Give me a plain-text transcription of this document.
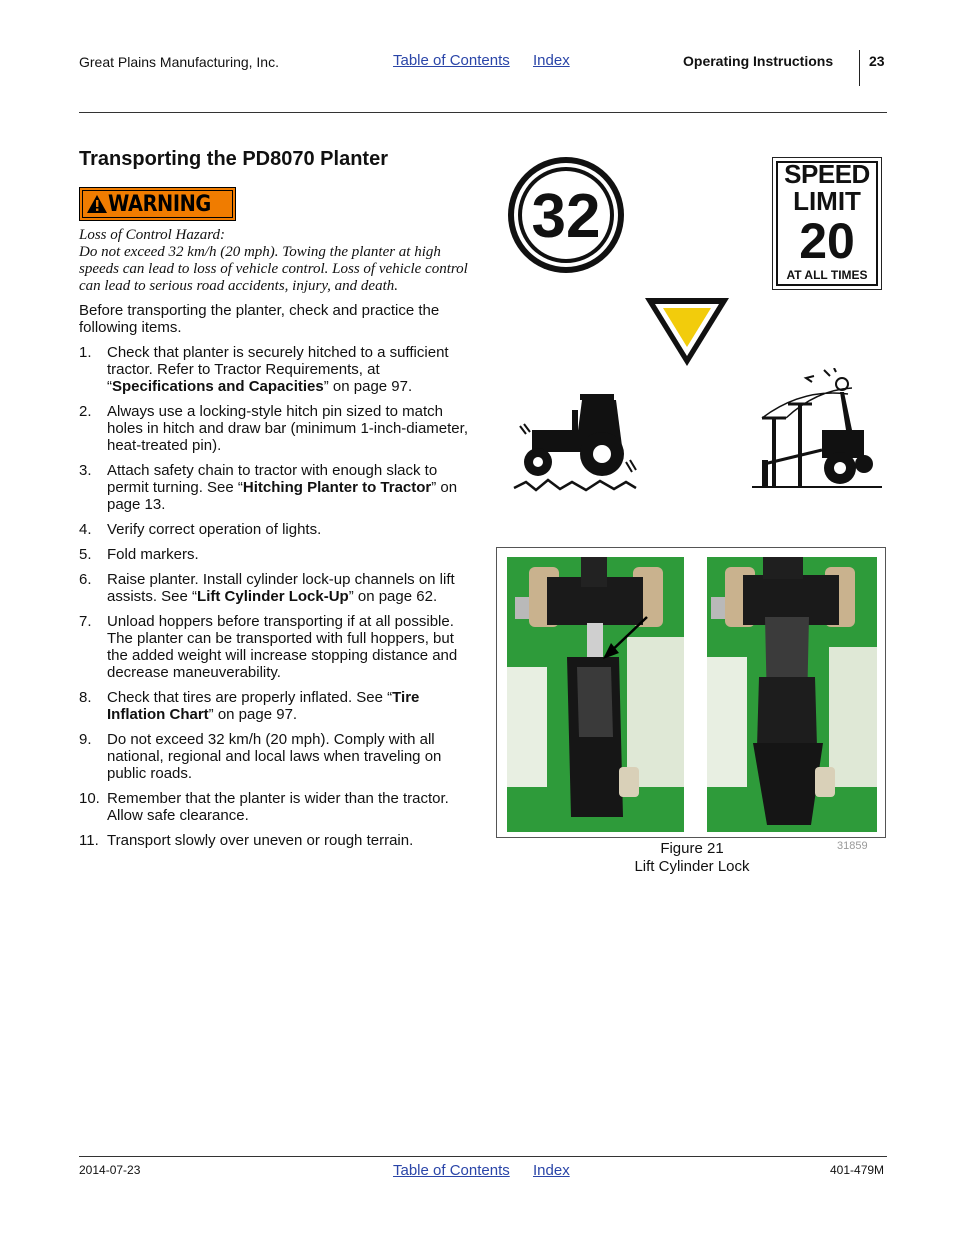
Great Plains Manufacturing, Inc.	Table of Contents Index	Operating Instructions	23
Transporting the PD8070 Planter
WARNING
Loss of Control Hazard:
Do not exceed 32 km/h (20 mph). Towing the planter at high speeds can lead to loss of vehicle control. Loss of vehicle control can lead to serious road accidents, injury, and death.
Before transporting the planter, check and practice the following items.
1. Check that planter is securely hitched to a sufficient tractor. Refer to Tractor Requirements, at “Specifications and Capacities” on page 97.
2. Always use a locking-style hitch pin sized to match holes in hitch and draw bar (minimum 1-inch-diameter, heat-treated pin).
3. Attach safety chain to tractor with enough slack to permit turning. See “Hitching Planter to Tractor” on page 13.
4. Verify correct operation of lights.
5. Fold markers.
6. Raise planter. Install cylinder lock-up channels on lift assists. See “Lift Cylinder Lock-Up” on page 62.
7. Unload hoppers before transporting if at all possible. The planter can be transported with full hoppers, but the added weight will increase stopping distance and decrease maneuverability.
8. Check that tires are properly inflated. See “Tire Inflation Chart” on page 97.
9. Do not exceed 32 km/h (20 mph). Comply with all national, regional and local laws when traveling on public roads.
10. Remember that the planter is wider than the tractor. Allow safe clearance.
11. Transport slowly over uneven or rough terrain.
32
SPEED
LIMIT
20
AT ALL TIMES
Figure 21
Lift Cylinder Lock
31859
2014-07-23	Table of Contents Index	401-479M
